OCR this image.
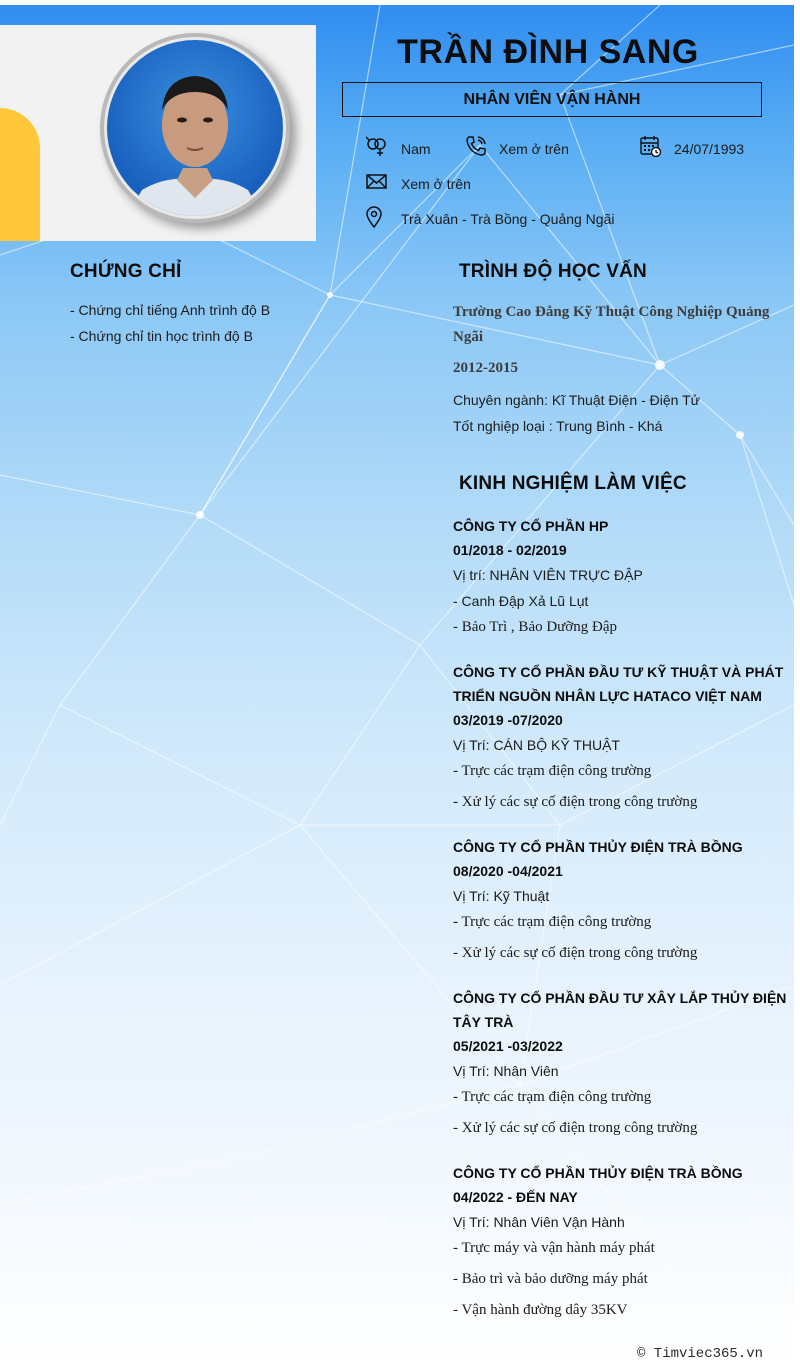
TRẦN ĐÌNH SANG
NHÂN VIÊN VẬN HÀNH
Nam	Xem ở trên	24/07/1993
Xem ở trên
Trà Xuân - Trà Bồng - Quảng Ngãi
CHỨNG CHỈ
- Chứng chỉ tiếng Anh trình độ B
- Chứng chỉ tin học trình độ B
TRÌNH ĐỘ HỌC VẤN
Trường Cao Đẳng Kỹ Thuật Công Nghiệp Quảng
Ngãi
2012-2015
Chuyên ngành: Kĩ Thuật Điện - Điện Tử
Tốt nghiệp loại : Trung Bình - Khá
KINH NGHIỆM LÀM VIỆC
CÔNG TY CỔ PHẦN HP
01/2018 - 02/2019
Vị trí: NHÂN VIÊN TRỰC ĐẬP
- Canh Đập Xả Lũ Lụt
- Bảo Trì , Bảo Dưỡng Đập
CÔNG TY CỔ PHẦN ĐẦU TƯ KỸ THUẬT VÀ PHÁT
TRIỂN NGUỒN NHÂN LỰC HATACO VIỆT NAM
03/2019 -07/2020
Vị Trí: CÁN BỘ KỸ THUẬT
- Trực các trạm điện công trường
- Xử lý các sự cố điện trong công trường
CÔNG TY CỔ PHẦN THỦY ĐIỆN TRÀ BỒNG
08/2020 -04/2021
Vị Trí: Kỹ Thuật
- Trực các trạm điện công trường
- Xử lý các sự cố điện trong công trường
CÔNG TY CỔ PHẦN ĐẦU TƯ XÂY LẮP THỦY ĐIỆN
TÂY TRÀ
05/2021 -03/2022
Vị Trí: Nhân Viên
- Trực các trạm điện công trường
- Xử lý các sự cố điện trong công trường
CÔNG TY CỔ PHẦN THỦY ĐIỆN TRÀ BỒNG
04/2022 - ĐẾN NAY
Vị Trí: Nhân Viên Vận Hành
- Trực máy và vận hành máy phát
- Bảo trì và bảo dưỡng máy phát
- Vận hành đường dây 35KV
© Timviec365.vn
